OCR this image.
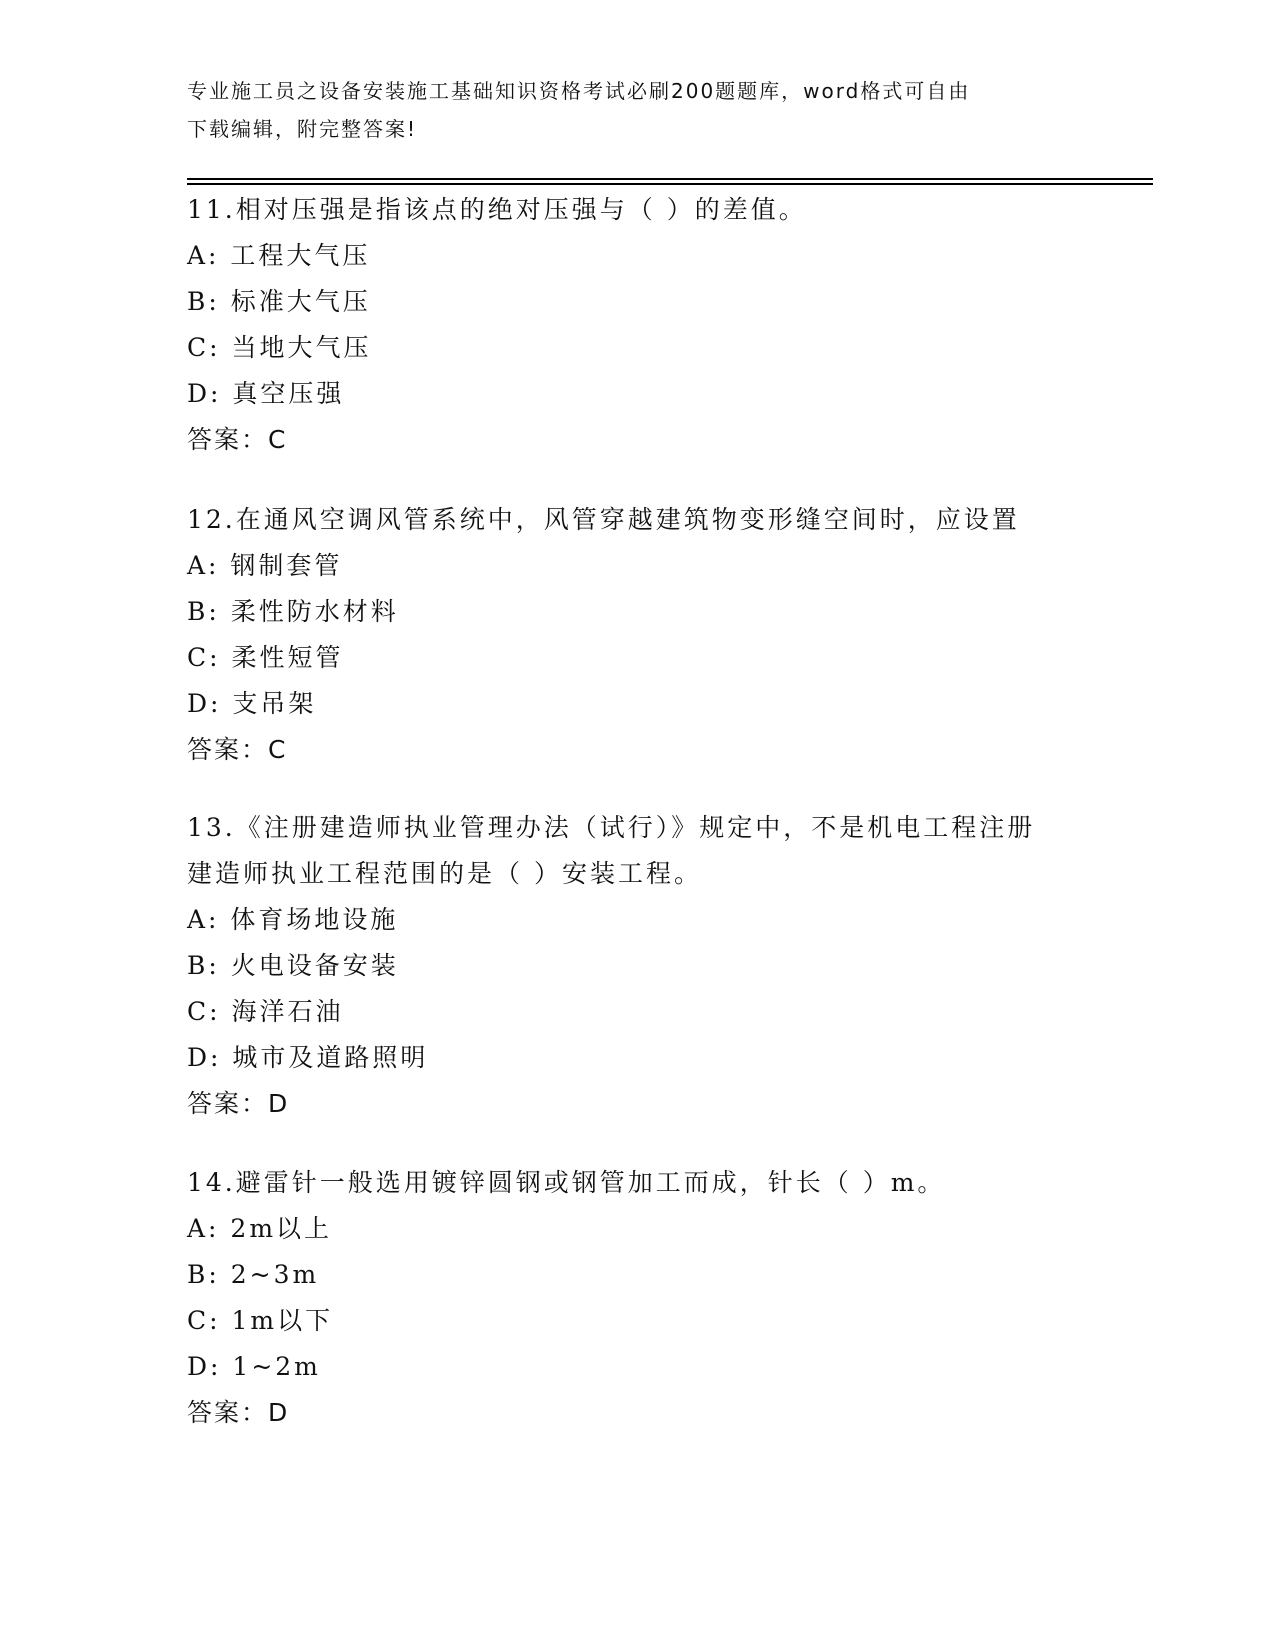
专业施工员之设备安装施工基础知识资格考试必刷200题题库，word格式可自由
下载编辑，附完整答案!
11.相对压强是指该点的绝对压强与（ ）的差值。
A: 工程大气压
B: 标准大气压
C: 当地大气压
D: 真空压强
答案：C
12.在通风空调风管系统中，风管穿越建筑物变形缝空间时，应设置
A: 钢制套管
B: 柔性防水材料
C: 柔性短管
D: 支吊架
答案：C
13.《注册建造师执业管理办法（试行）》规定中，不是机电工程注册
建造师执业工程范围的是（ ）安装工程。
A: 体育场地设施
B: 火电设备安装
C: 海洋石油
D: 城市及道路照明
答案：D
14.避雷针一般选用镀锌圆钢或钢管加工而成，针长（ ）m。
A: 2m以上
B: 2~3m
C: 1m以下
D: 1~2m
答案：D
